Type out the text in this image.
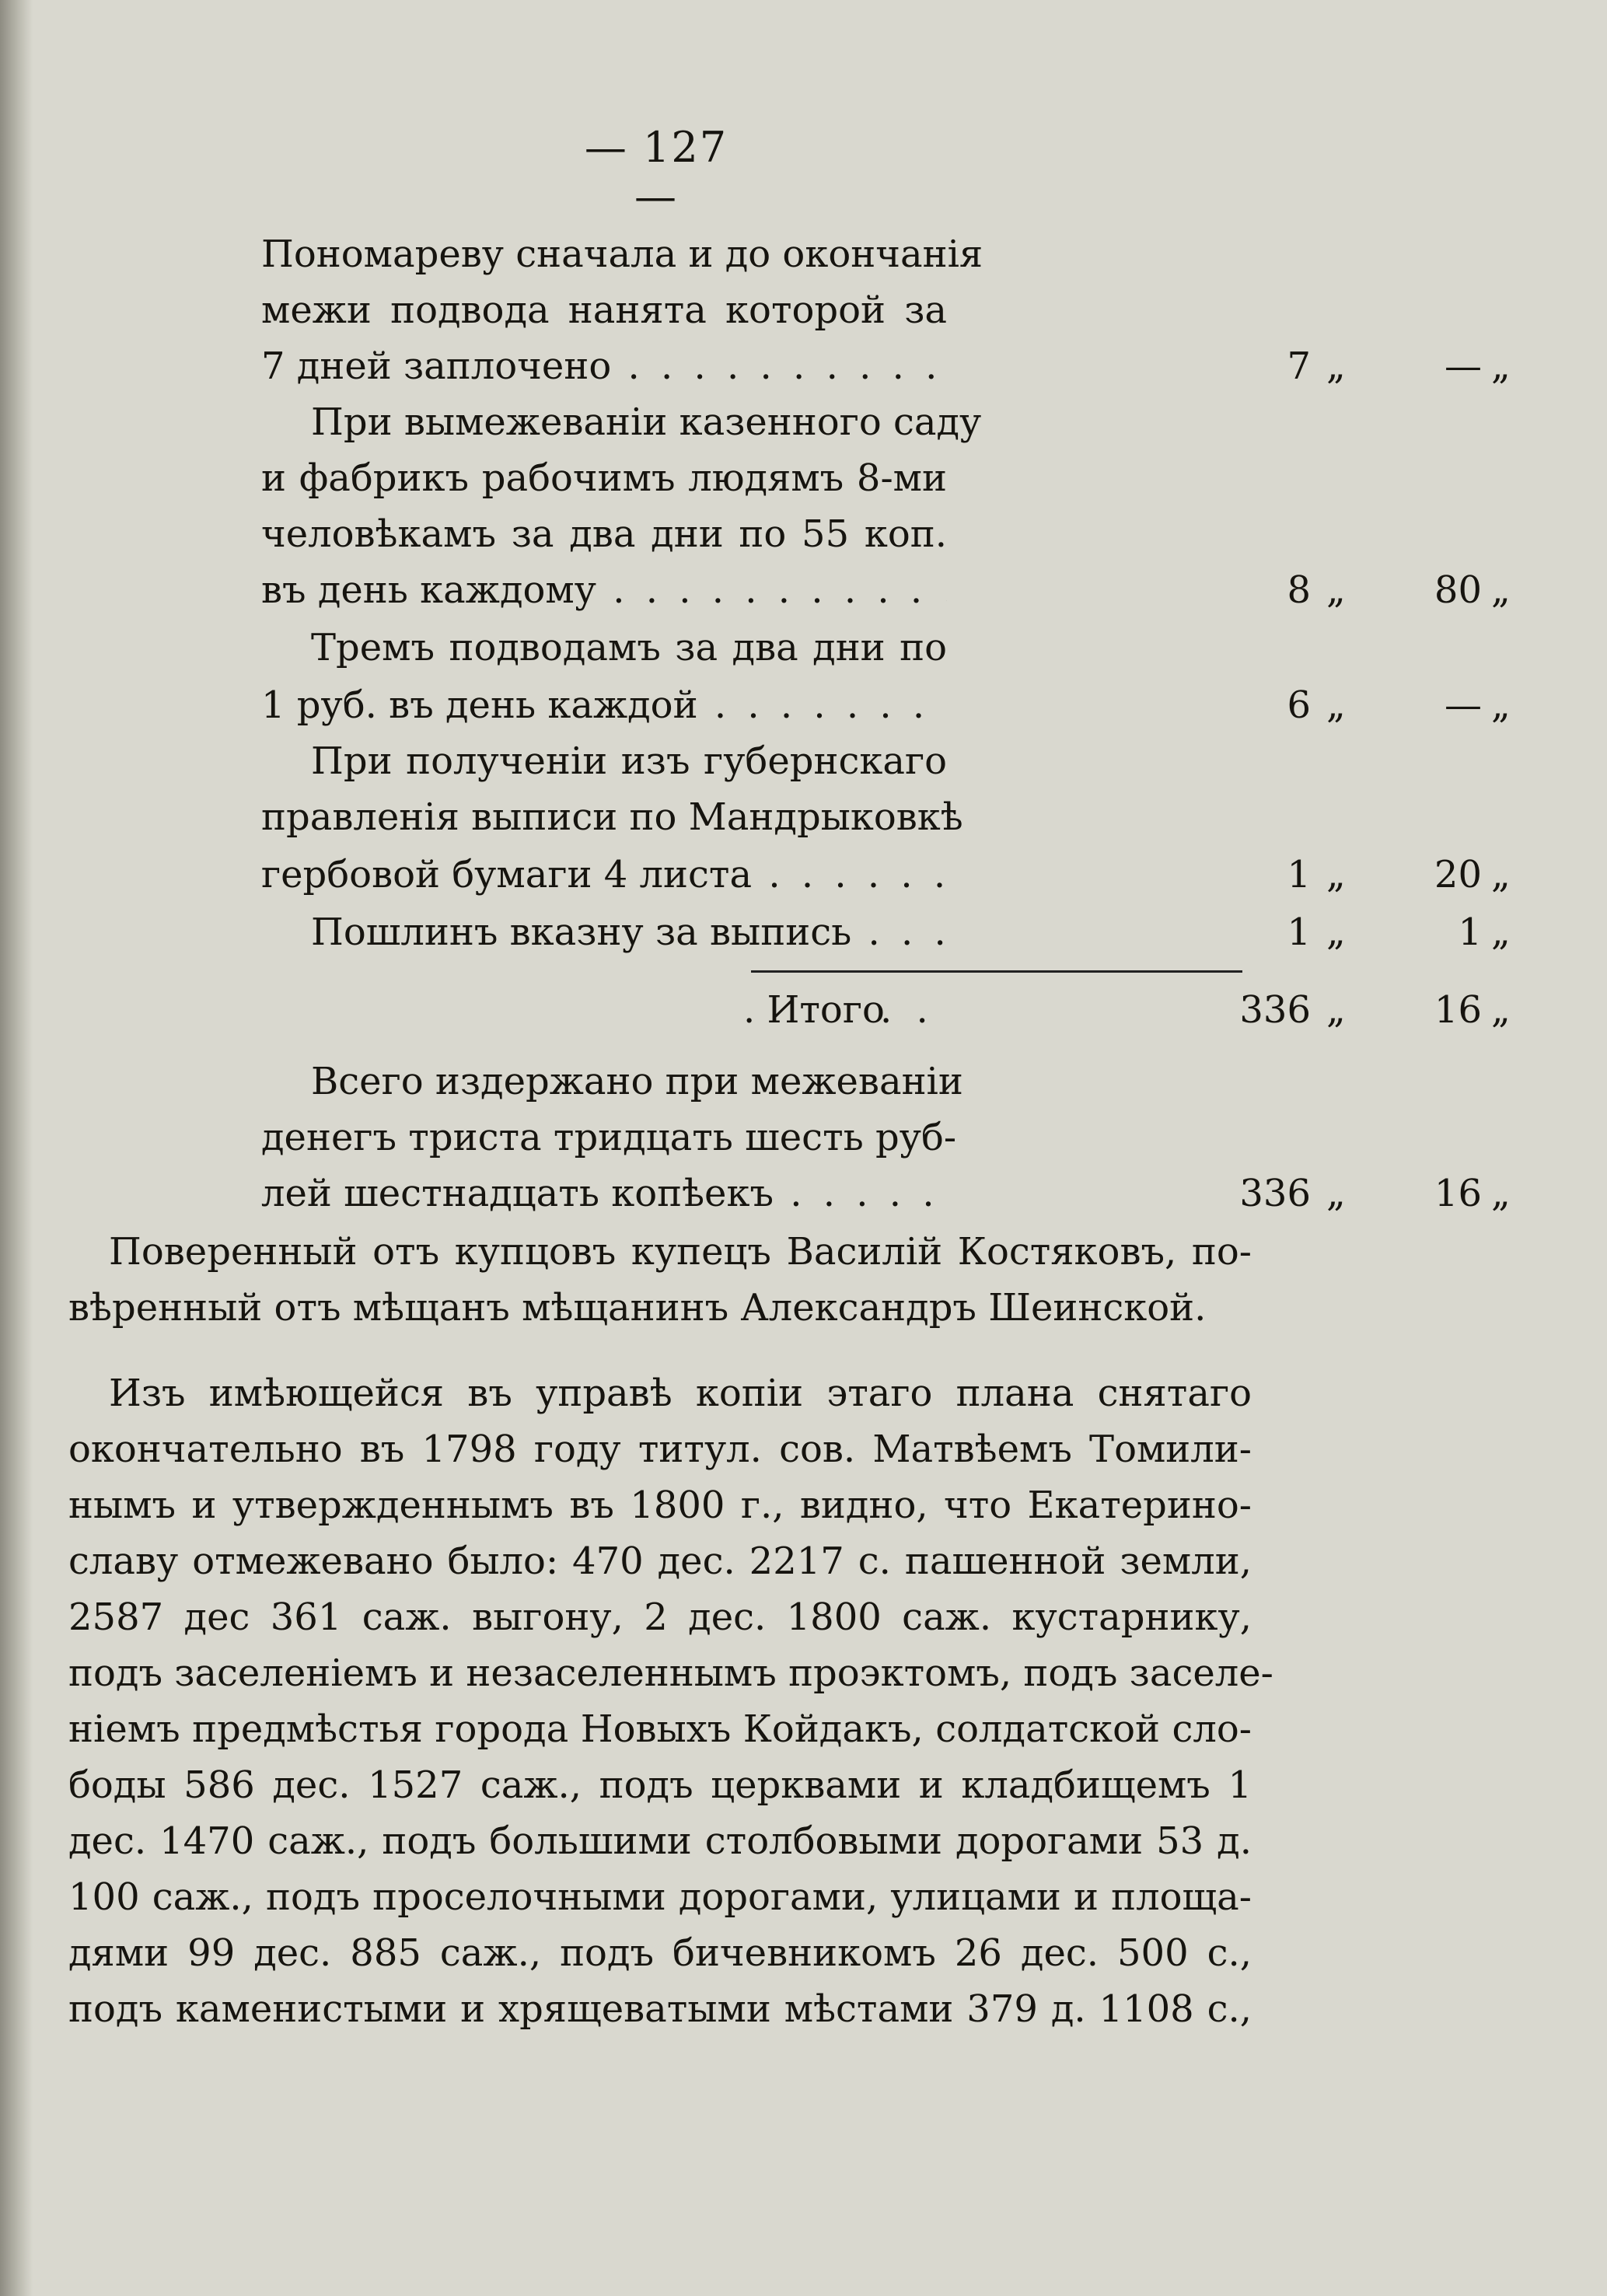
— 127 —
Пономареву сначала и до окончанія
межи подвода нанята которой за
7 дней заплочено . . .	7 „	— „
При вымежеваніи казенного саду
и фабрикъ рабочимъ людямъ 8-ми
человѣкамъ за два дни по 55 коп.
въ день каждому . . .	8 „	80 „
Тремъ подводамъ за два дни по
1 руб. въ день каждой . . .	6 „	— „
При полученіи изъ губернскаго
правленія выписи по Мандрыковкѣ
гербовой бумаги 4 листа . . .	1 „	20 „
Пошлинъ вказну за выпись . . .	1 „	1 „
. Итого
. .	336 „	16 „
Всего издержано при межеваніи
денегъ триста тридцать шесть руб-
лей шестнадцать копѣекъ . . .	336 „	16 „
Поверенный отъ купцовъ купецъ Василій Костяковъ, по-
вѣренный отъ мѣщанъ мѣщанинъ Александръ Шеинской.
Изъ имѣющейся въ управѣ копіи этаго плана снятаго
окончательно въ 1798 году титул. сов. Матвѣемъ Томили-
нымъ и утвержденнымъ въ 1800 г., видно, что Екатерино-
славу отмежевано было: 470 дес. 2217 с. пашенной земли,
2587 дес 361 саж. выгону, 2 дес. 1800 саж. кустарнику,
подъ заселеніемъ и незаселеннымъ проэктомъ, подъ заселе-
ніемъ предмѣстья города Новыхъ Койдакъ, солдатской сло-
боды 586 дес. 1527 саж., подъ церквами и кладбищемъ 1
дес. 1470 саж., подъ большими столбовыми дорогами 53 д.
100 саж., подъ проселочными дорогами, улицами и площа-
дями 99 дес. 885 саж., подъ бичевникомъ 26 дес. 500 с.,
подъ каменистыми и хрящеватыми мѣстами 379 д. 1108 с.,
